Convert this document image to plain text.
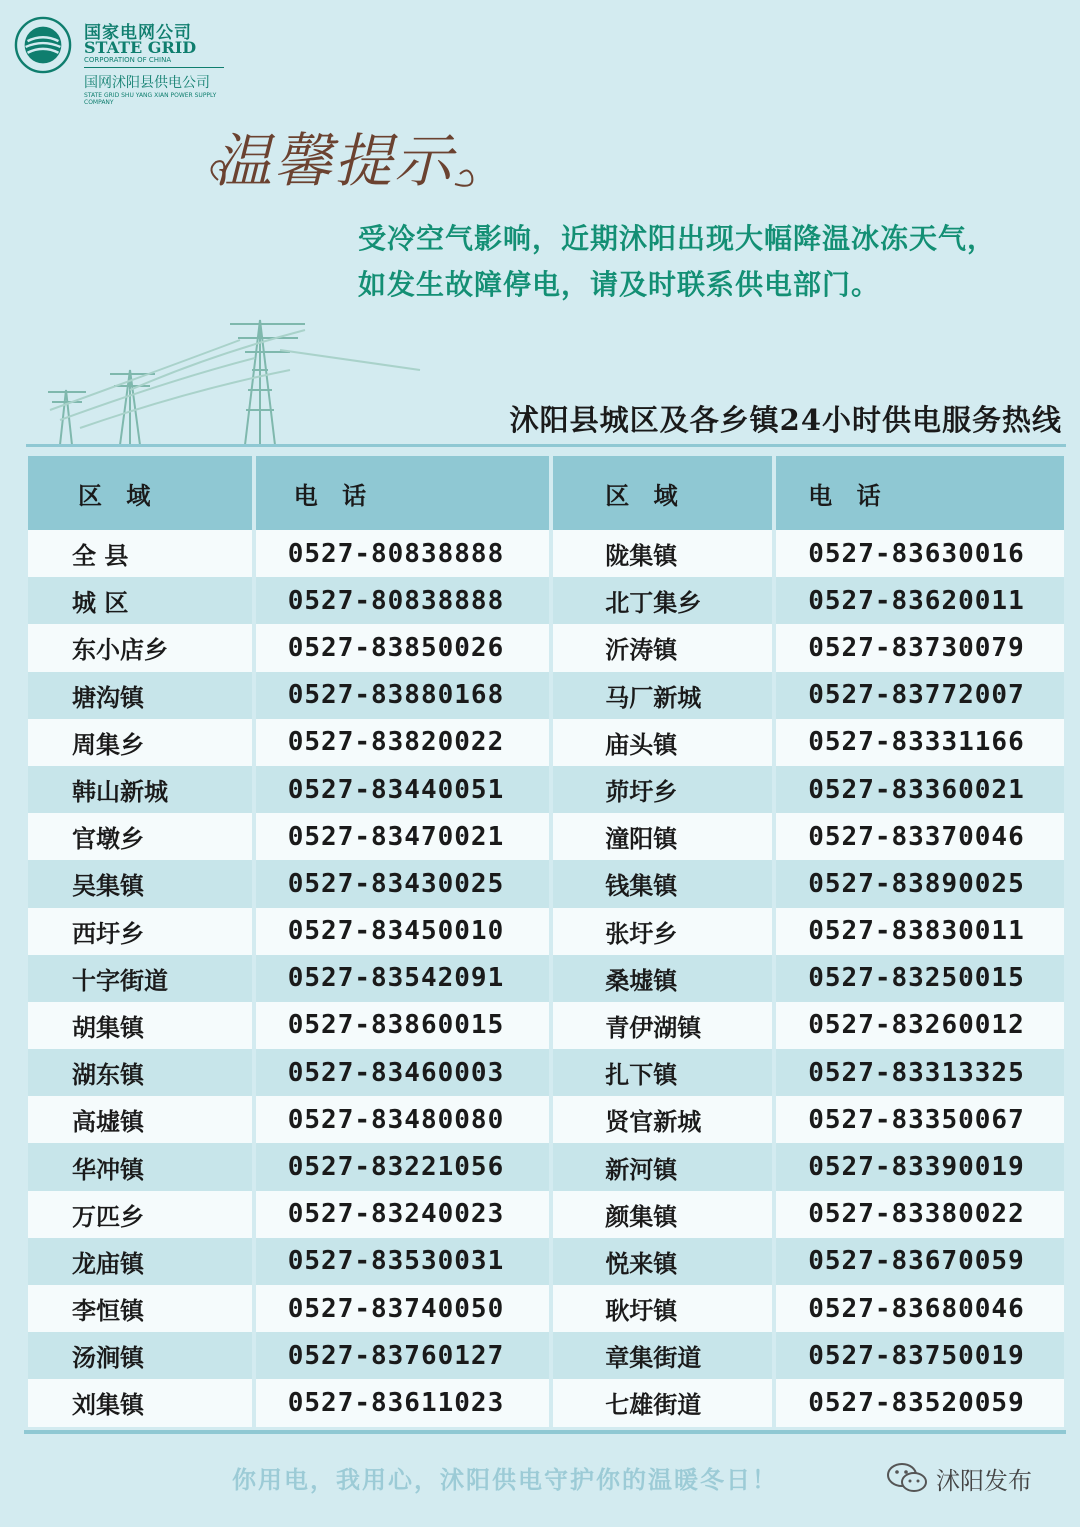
国家电网公司
STATE GRID
CORPORATION OF CHINA
国网沭阳县供电公司
STATE GRID SHU YANG XIAN POWER SUPPLY COMPANY
温馨提示

受冷空气影响，近期沭阳出现大幅降温冰冻天气，

如发生故障停电，请及时联系供电部门。

沭阳县城区及各乡镇24小时供电服务热线
区 域	电 话	区 域	电 话
全 县	0527-80838888	陇集镇	0527-83630016
城 区	0527-80838888	北丁集乡	0527-83620011
东小店乡	0527-83850026	沂涛镇	0527-83730079
塘沟镇	0527-83880168	马厂新城	0527-83772007
周集乡	0527-83820022	庙头镇	0527-83331166
韩山新城	0527-83440051	茆圩乡	0527-83360021
官墩乡	0527-83470021	潼阳镇	0527-83370046
吴集镇	0527-83430025	钱集镇	0527-83890025
西圩乡	0527-83450010	张圩乡	0527-83830011
十字街道	0527-83542091	桑墟镇	0527-83250015
胡集镇	0527-83860015	青伊湖镇	0527-83260012
湖东镇	0527-83460003	扎下镇	0527-83313325
高墟镇	0527-83480080	贤官新城	0527-83350067
华冲镇	0527-83221056	新河镇	0527-83390019
万匹乡	0527-83240023	颜集镇	0527-83380022
龙庙镇	0527-83530031	悦来镇	0527-83670059
李恒镇	0527-83740050	耿圩镇	0527-83680046
汤涧镇	0527-83760127	章集街道	0527-83750019
刘集镇	0527-83611023	七雄街道	0527-83520059
你用电，我用心，沭阳供电守护你的温暖冬日！	沭阳发布
